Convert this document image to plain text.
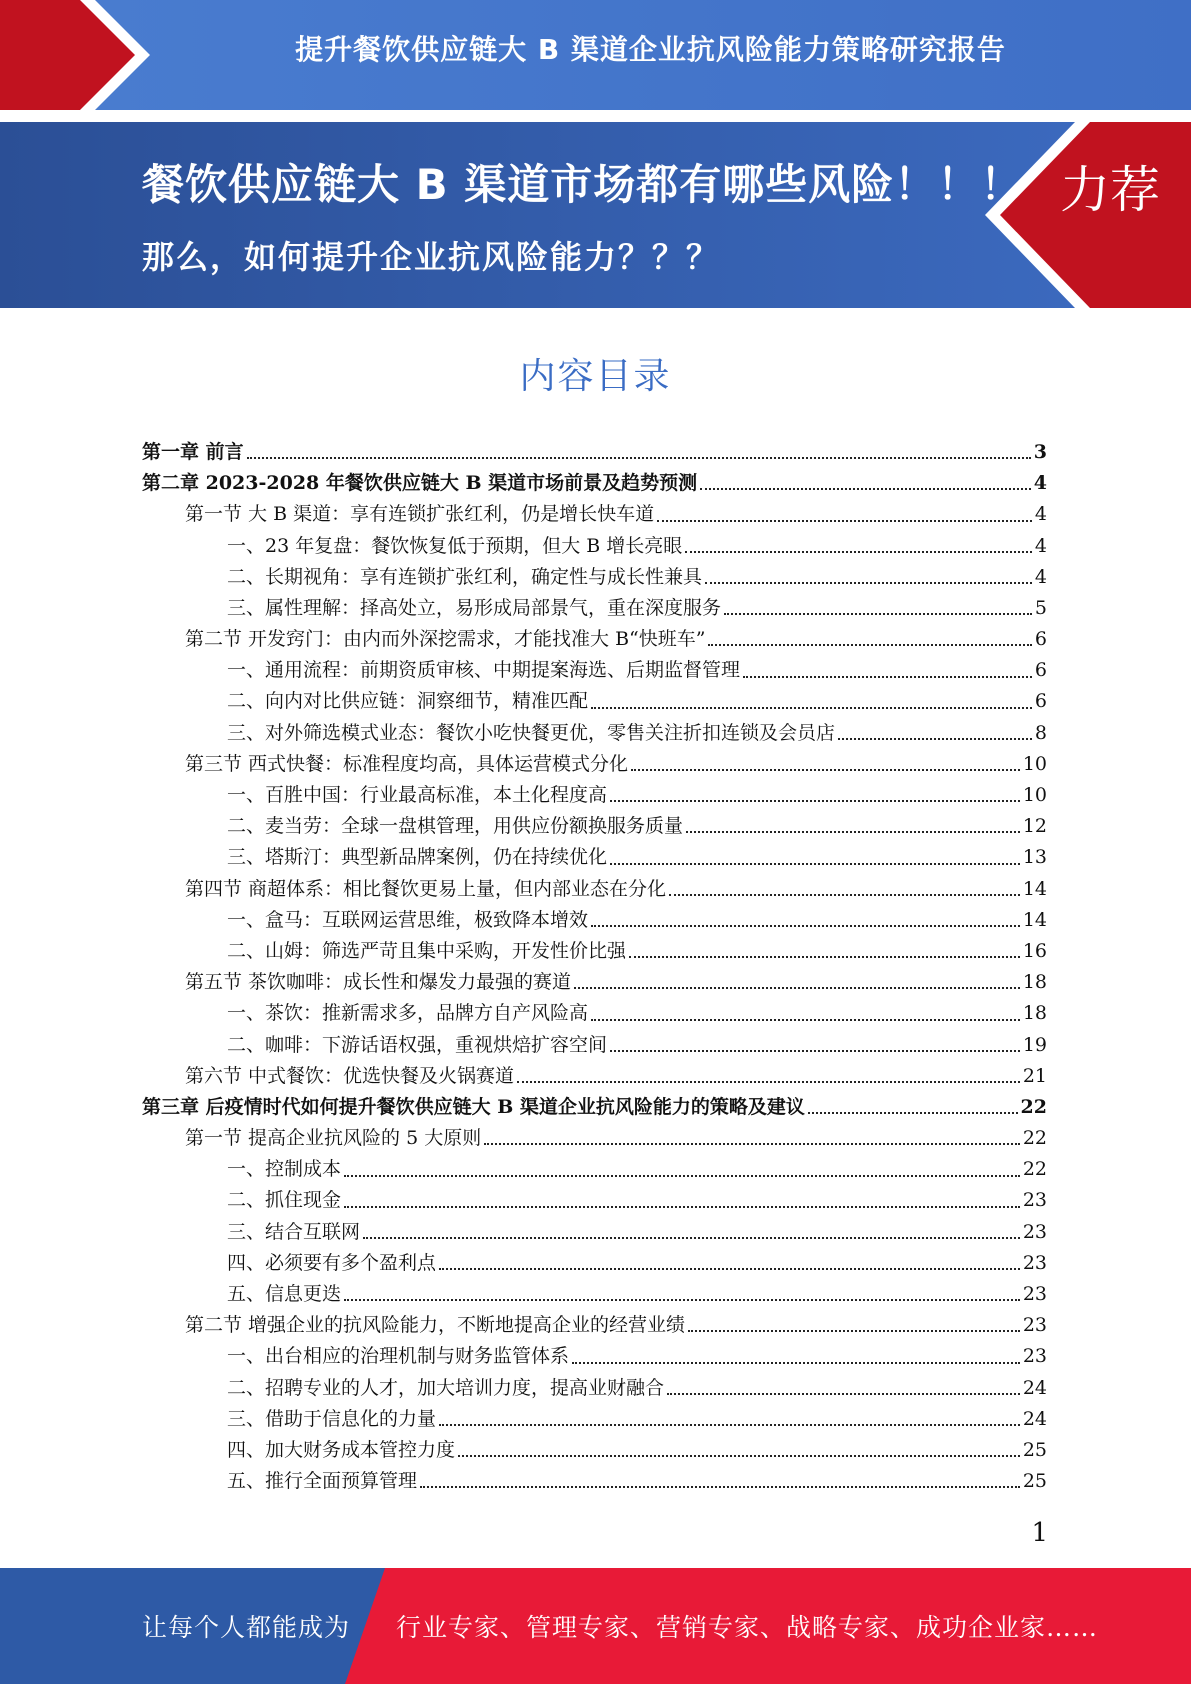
提升餐饮供应链大 B 渠道企业抗风险能力策略研究报告
餐饮供应链大 B 渠道市场都有哪些风险！！！
那么，如何提升企业抗风险能力？？？
力荐
内容目录
第一章 前言	3
第二章 2023-2028 年餐饮供应链大 B 渠道市场前景及趋势预测	4
第一节 大 B 渠道：享有连锁扩张红利，仍是增长快车道	4
一、23 年复盘：餐饮恢复低于预期，但大 B 增长亮眼	4
二、长期视角：享有连锁扩张红利，确定性与成长性兼具	4
三、属性理解：择高处立，易形成局部景气，重在深度服务	5
第二节 开发窍门：由内而外深挖需求，才能找准大 B“快班车”	6
一、通用流程：前期资质审核、中期提案海选、后期监督管理	6
二、向内对比供应链：洞察细节，精准匹配	6
三、对外筛选模式业态：餐饮小吃快餐更优，零售关注折扣连锁及会员店	8
第三节 西式快餐：标准程度均高，具体运营模式分化	10
一、百胜中国：行业最高标准，本土化程度高	10
二、麦当劳：全球一盘棋管理，用供应份额换服务质量	12
三、塔斯汀：典型新品牌案例，仍在持续优化	13
第四节 商超体系：相比餐饮更易上量，但内部业态在分化	14
一、盒马：互联网运营思维，极致降本增效	14
二、山姆：筛选严苛且集中采购，开发性价比强	16
第五节 茶饮咖啡：成长性和爆发力最强的赛道	18
一、茶饮：推新需求多，品牌方自产风险高	18
二、咖啡：下游话语权强，重视烘焙扩容空间	19
第六节 中式餐饮：优选快餐及火锅赛道	21
第三章 后疫情时代如何提升餐饮供应链大 B 渠道企业抗风险能力的策略及建议	22
第一节 提高企业抗风险的 5 大原则	22
一、控制成本	22
二、抓住现金	23
三、结合互联网	23
四、必须要有多个盈利点	23
五、信息更迭	23
第二节 增强企业的抗风险能力，不断地提高企业的经营业绩	23
一、出台相应的治理机制与财务监管体系	23
二、招聘专业的人才，加大培训力度，提高业财融合	24
三、借助于信息化的力量	24
四、加大财务成本管控力度	25
五、推行全面预算管理	25
1
让每个人都能成为 行业专家、管理专家、营销专家、战略专家、成功企业家……
